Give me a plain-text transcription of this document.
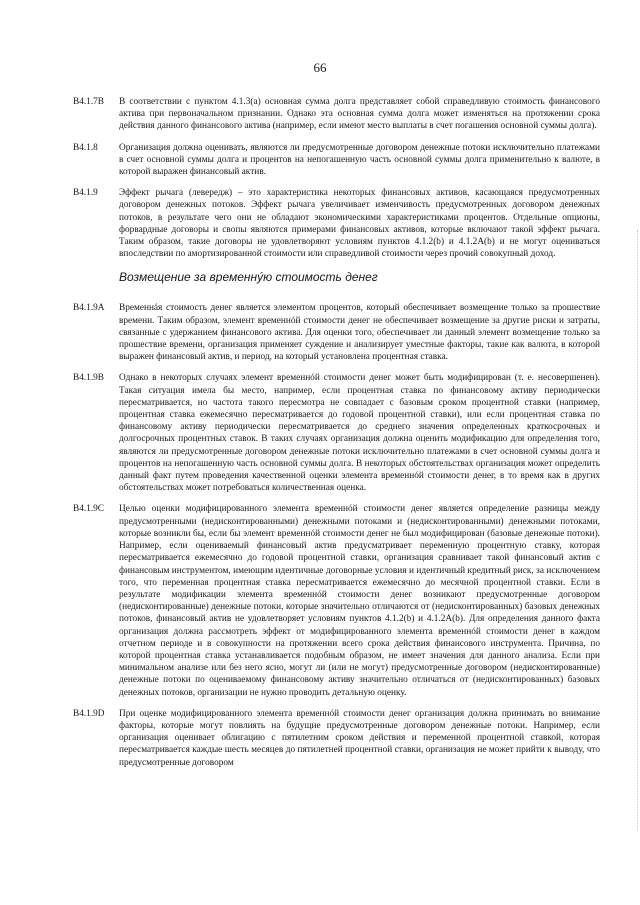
66
B4.1.7B	В соответствии с пунктом 4.1.3(a) основная сумма долга представляет собой справедливую стоимость финансового актива при первоначальном признании. Однако эта основная сумма долга может изменяться на протяжении срока действия данного финансового актива (например, если имеют место выплаты в счет погашения основной суммы долга).
B4.1.8	Организация должна оценивать, являются ли предусмотренные договором денежные потоки исключительно платежами в счет основной суммы долга и процентов на непогашенную часть основной суммы долга применительно к валюте, в которой выражен финансовый актив.
B4.1.9	Эффект рычага (левередж) – это характеристика некоторых финансовых активов, касающаяся предусмотренных договором денежных потоков. Эффект рычага увеличивает изменчивость предусмотренных договором денежных потоков, в результате чего они не обладают экономическими характеристиками процентов. Отдельные опционы, форвардные договоры и свопы являются примерами финансовых активов, которые включают такой эффект рычага. Таким образом, такие договоры не удовлетворяют условиям пунктов 4.1.2(b) и 4.1.2A(b) и не могут оцениваться впоследствии по амортизированной стоимости или справедливой стоимости через прочий совокупный доход.
Возмещение за временнýю стоимость денег
B4.1.9A	Временнáя стоимость денег является элементом процентов, который обеспечивает возмещение только за прошествие времени. Таким образом, элемент временнóй стоимости денег не обеспечивает возмещение за другие риски и затраты, связанные с удержанием финансового актива. Для оценки того, обеспечивает ли данный элемент возмещение только за прошествие времени, организация применяет суждение и анализирует уместные факторы, такие как валюта, в которой выражен финансовый актив, и период, на который установлена процентная ставка.
B4.1.9B	Однако в некоторых случаях элемент временнóй стоимости денег может быть модифицирован (т. е. несовершенен). Такая ситуация имела бы место, например, если процентная ставка по финансовому активу периодически пересматривается, но частота такого пересмотра не совпадает с базовым сроком процентной ставки (например, процентная ставка ежемесячно пересматривается до годовой процентной ставки), или если процентная ставка по финансовому активу периодически пересматривается до среднего значения определенных краткосрочных и долгосрочных процентных ставок. В таких случаях организация должна оценить модификацию для определения того, являются ли предусмотренные договором денежные потоки исключительно платежами в счет основной суммы долга и процентов на непогашенную часть основной суммы долга. В некоторых обстоятельствах организация может определить данный факт путем проведения качественной оценки элемента временнóй стоимости денег, в то время как в других обстоятельствах может потребоваться количественная оценка.
B4.1.9C	Целью оценки модифицированного элемента временнóй стоимости денег является определение разницы между предусмотренными (недисконтированными) денежными потоками и (недисконтированными) денежными потоками, которые возникли бы, если бы элемент временнóй стоимости денег не был модифицирован (базовые денежные потоки). Например, если оцениваемый финансовый актив предусматривает переменную процентную ставку, которая пересматривается ежемесячно до годовой процентной ставки, организация сравнивает такой финансовый актив с финансовым инструментом, имеющим идентичные договорные условия и идентичный кредитный риск, за исключением того, что переменная процентная ставка пересматривается ежемесячно до месячной процентной ставки. Если в результате модификации элемента временнóй стоимости денег возникают предусмотренные договором (недисконтированные) денежные потоки, которые значительно отличаются от (недисконтированных) базовых денежных потоков, финансовый актив не удовлетворяет условиям пунктов 4.1.2(b) и 4.1.2A(b). Для определения данного факта организация должна рассмотреть эффект от модифицированного элемента временнóй стоимости денег в каждом отчетном периоде и в совокупности на протяжении всего срока действия финансового инструмента. Причина, по которой процентная ставка устанавливается подобным образом, не имеет значения для данного анализа. Если при минимальном анализе или без него ясно, могут ли (или не могут) предусмотренные договором (недисконтированные) денежные потоки по оцениваемому финансовому активу значительно отличаться от (недисконтированных) базовых денежных потоков, организации не нужно проводить детальную оценку.
B4.1.9D	При оценке модифицированного элемента временнóй стоимости денег организация должна принимать во внимание факторы, которые могут повлиять на будущие предусмотренные договором денежные потоки. Например, если организация оценивает облигацию с пятилетним сроком действия и переменной процентной ставкой, которая пересматривается каждые шесть месяцев до пятилетней процентной ставки, организация не может прийти к выводу, что предусмотренные договором
